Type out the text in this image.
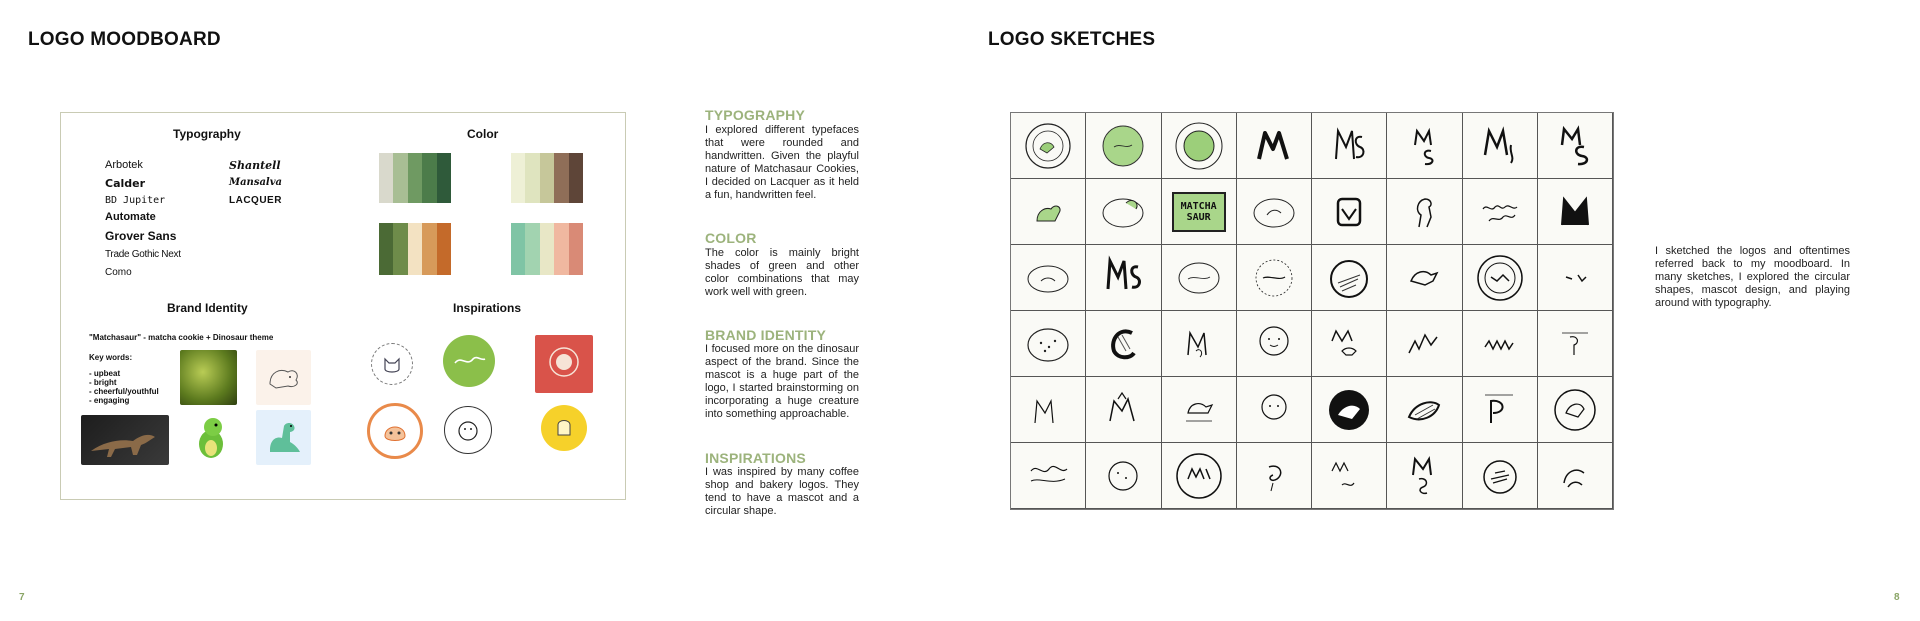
LOGO MOODBOARD
Typography	Color
Arbotek
Calder
BD Jupiter
Automate
Grover Sans
Trade Gothic Next
Como
Shantell
Mansalva
LACQUER
Brand Identity	Inspirations
"Matchasaur" - matcha cookie + Dinosaur theme
Key words:
- upbeat
- bright
- cheerful/youthful
- engaging
TYPOGRAPHY
I explored different typefaces that were rounded and handwritten. Given the playful nature of Matchasaur Cookies, I decided on Lacquer as it held a fun, handwritten feel.
COLOR
The color is mainly bright shades of green and other color combinations that may work well with green.
BRAND IDENTITY
I focused more on the dinosaur aspect of the brand. Since the mascot is a huge part of the logo, I started brainstorming on incorporating a huge creature into something approachable.
INSPIRATIONS
I was inspired by many coffee shop and bakery logos. They tend to have a mascot and a circular shape.
7
LOGO SKETCHES
MATCHA SAUR
I sketched the logos and oftentimes referred back to my moodboard. In many sketches, I explored the circular shapes, mascot design, and playing around with typography.
8
